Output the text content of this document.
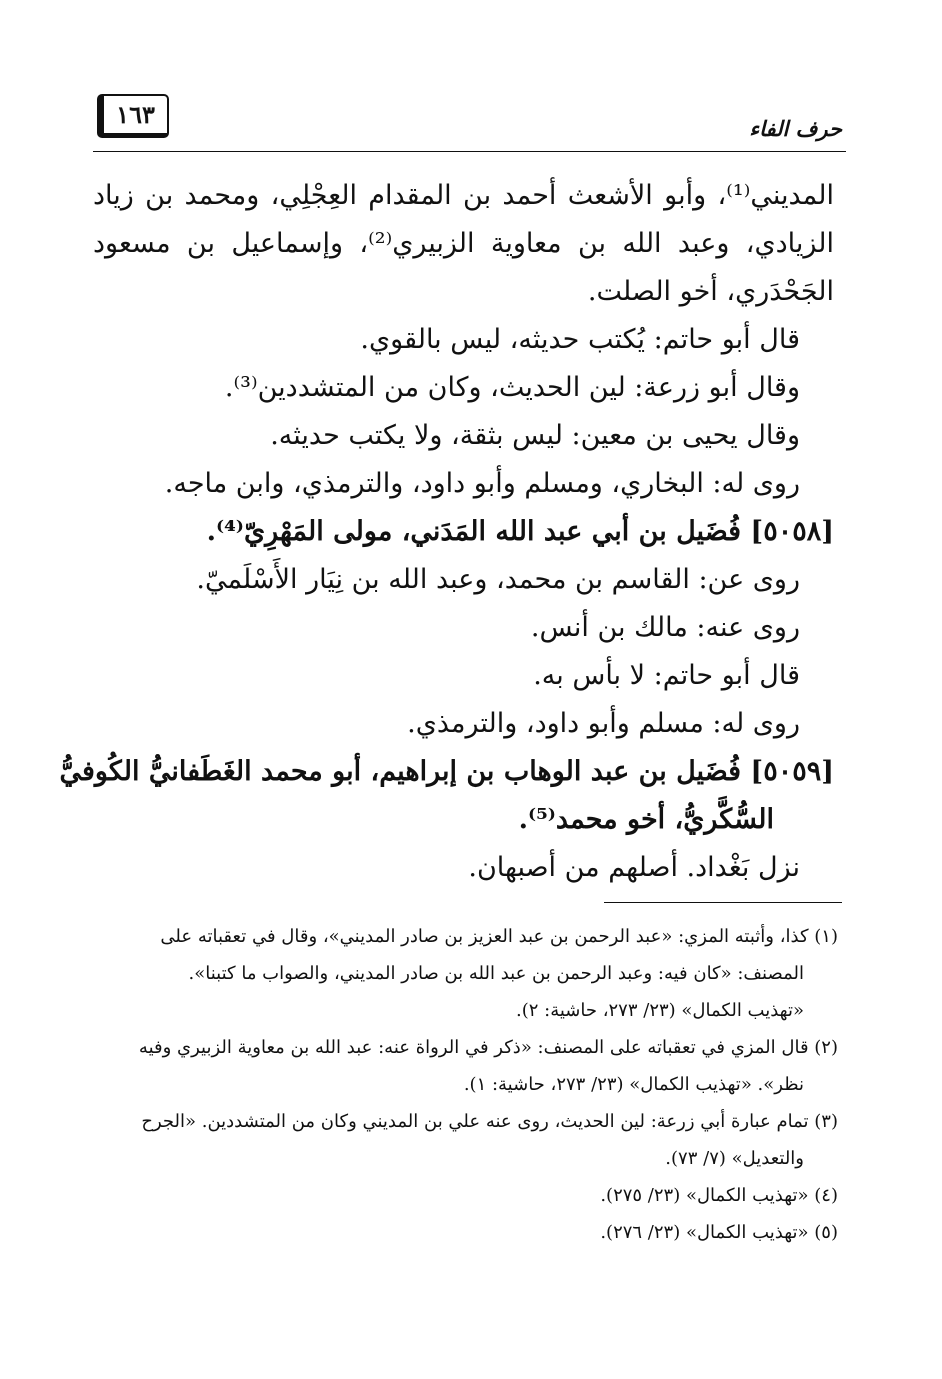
حرف الفاء
١٦٣
المديني⁽¹⁾، وأبو الأشعث أحمد بن المقدام العِجْلِي، ومحمد بن زياد
الزيادي، وعبد الله بن معاوية الزبيري⁽²⁾، وإسماعيل بن مسعود
الجَحْدَري، أخو الصلت.
قال أبو حاتم: يُكتب حديثه، ليس بالقوي.
وقال أبو زرعة: لين الحديث، وكان من المتشددين⁽³⁾.
وقال يحيى بن معين: ليس بثقة، ولا يكتب حديثه.
روى له: البخاري، ومسلم وأبو داود، والترمذي، وابن ماجه.
[٥٠٥٨] فُضَيل بن أبي عبد الله المَدَني، مولى المَهْرِيّ⁽⁴⁾.
روى عن: القاسم بن محمد، وعبد الله بن نِيَار الأَسْلَميّ.
روى عنه: مالك بن أنس.
قال أبو حاتم: لا بأس به.
روى له: مسلم وأبو داود، والترمذي.
[٥٠٥٩] فُضَيل بن عبد الوهاب بن إبراهيم، أبو محمد الغَطَفانيُّ الكُوفيُّ
السُّكَّريُّ، أخو محمد⁽⁵⁾.
نزل بَغْداد. أصلهم من أصبهان.
(١) كذا، وأثبته المزي: «عبد الرحمن بن عبد العزيز بن صادر المديني»، وقال في تعقباته على
المصنف: «كان فيه: وعبد الرحمن بن عبد الله بن صادر المديني، والصواب ما كتبنا».
«تهذيب الكمال» (٢٣/ ٢٧٣، حاشية: ٢).
(٢) قال المزي في تعقباته على المصنف: «ذكر في الرواة عنه: عبد الله بن معاوية الزبيري وفيه
نظر». «تهذيب الكمال» (٢٣/ ٢٧٣، حاشية: ١).
(٣) تمام عبارة أبي زرعة: لين الحديث، روى عنه علي بن المديني وكان من المتشددين. «الجرح
والتعديل» (٧/ ٧٣).
(٤) «تهذيب الكمال» (٢٣/ ٢٧٥).
(٥) «تهذيب الكمال» (٢٣/ ٢٧٦).
